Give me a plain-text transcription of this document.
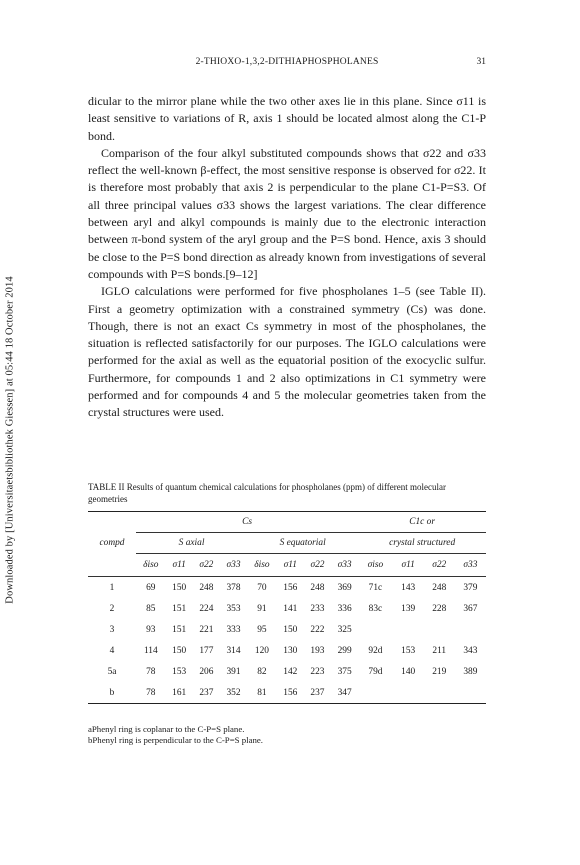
Downloaded by [Universitaetsbibliothek Giessen] at 05:44 18 October 2014
2-THIOXO-1,3,2-DITHIAPHOSPHOLANES	31

dicular to the mirror plane while the two other axes lie in this plane. Since σ11 is least sensitive to variations of R, axis 1 should be located almost along the C1-P bond.

Comparison of the four alkyl substituted compounds shows that σ22 and σ33 reflect the well-known β-effect, the most sensitive response is observed for σ22. It is therefore most probably that axis 2 is perpendicular to the plane C1-P=S3. Of all three principal values σ33 shows the largest variations. The clear difference between aryl and alkyl compounds is mainly due to the electronic interaction between π-bond system of the aryl group and the P=S bond. Hence, axis 3 should be close to the P=S bond direction as already known from investigations of several compounds with P=S bonds.[9–12]

IGLO calculations were performed for five phospholanes 1–5 (see Table II). First a geometry optimization with a constrained symmetry (Cs) was done. Though, there is not an exact Cs symmetry in most of the phospholanes, the situation is reflected satisfactorily for our purposes. The IGLO calculations were performed for the axial as well as the equatorial position of the exocyclic sulfur. Furthermore, for compounds 1 and 2 also optimizations in C1 symmetry were performed and for compounds 4 and 5 the molecular geometries taken from the crystal structures were used.

TABLE II Results of quantum chemical calculations for phospholanes (ppm) of different molecular geometries

	Cs								C1c or			
compd	S axial				S equatorial				crystal structured			
	δiso	σ11	σ22	σ33	δiso	σ11	σ22	σ33	σiso	σ11	σ22	σ33
1	69	150	248	378	70	156	248	369	71c	143	248	379
2	85	151	224	353	91	141	233	336	83c	139	228	367
3	93	151	221	333	95	150	222	325				
4	114	150	177	314	120	130	193	299	92d	153	211	343
5a	78	153	206	391	82	142	223	375	79d	140	219	389
b	78	161	237	352	81	156	237	347				
aPhenyl ring is coplanar to the C-P=S plane.
bPhenyl ring is perpendicular to the C-P=S plane.
